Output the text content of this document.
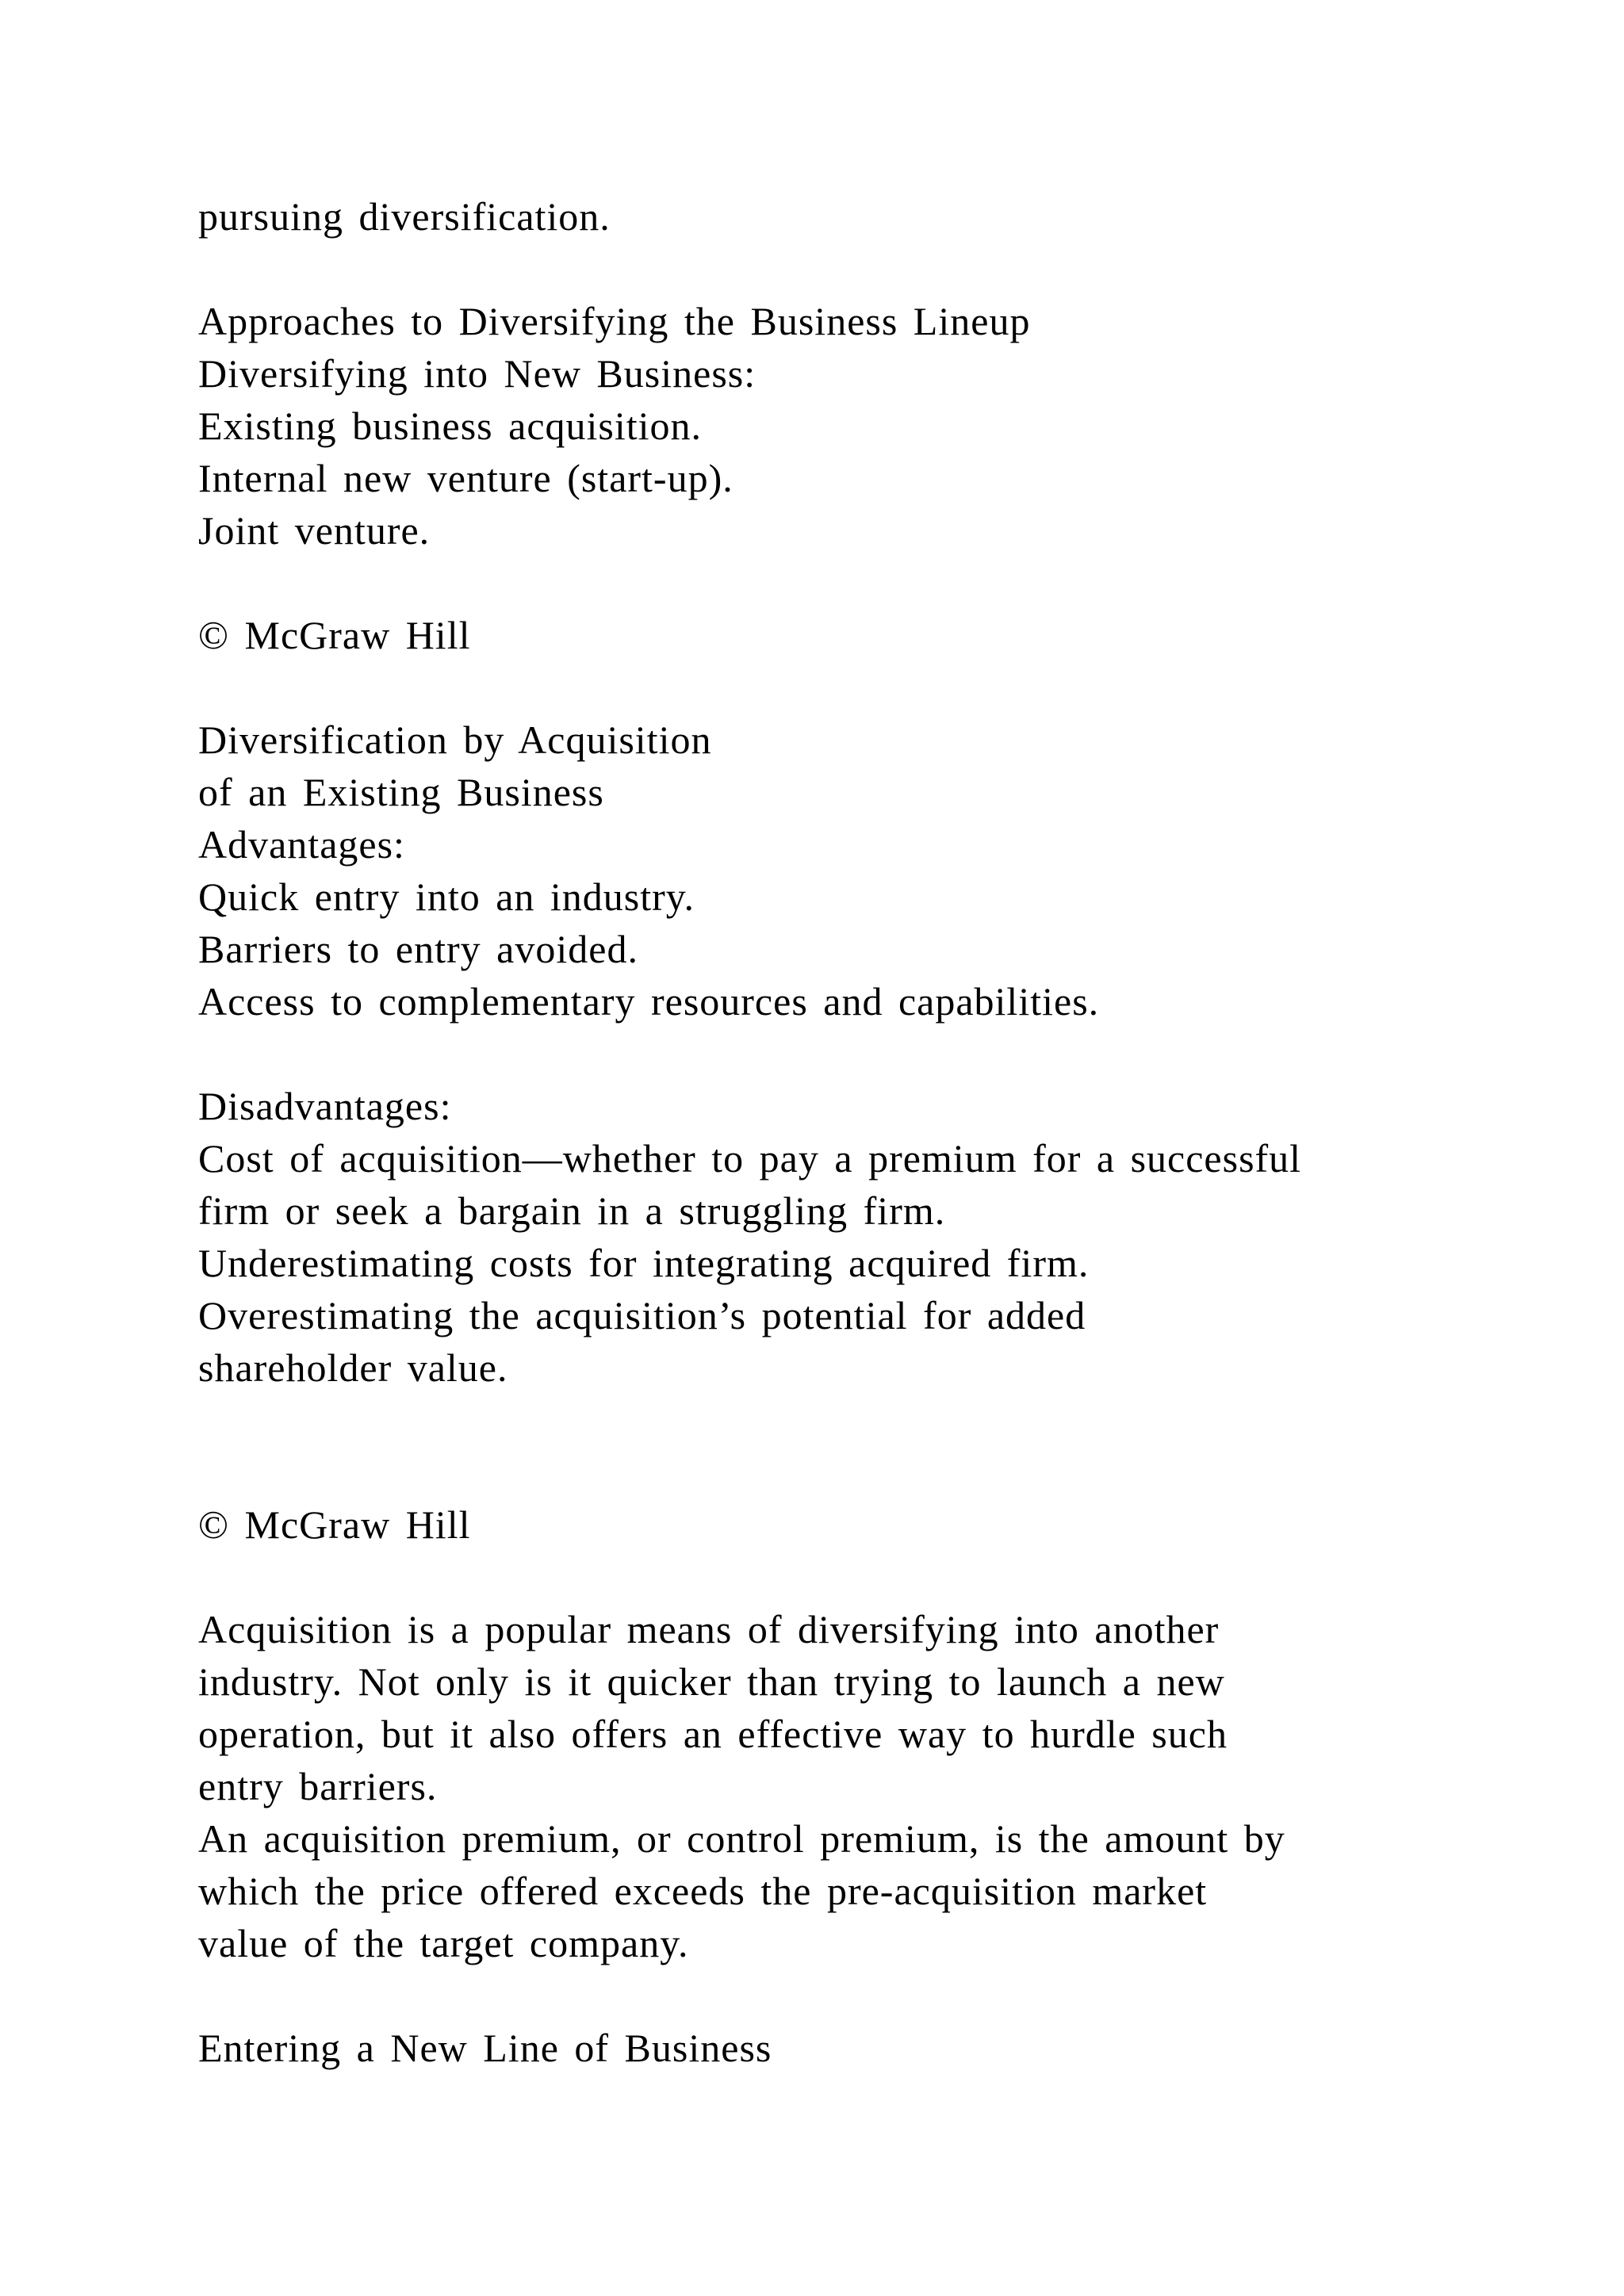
pursuing diversification.
Approaches to Diversifying the Business Lineup
Diversifying into New Business:
Existing business acquisition.
Internal new venture (start-up).
Joint venture.
© McGraw Hill
Diversification by Acquisition
of an Existing Business
Advantages:
Quick entry into an industry.
Barriers to entry avoided.
Access to complementary resources and capabilities.
Disadvantages:
Cost of acquisition—whether to pay a premium for a successful
firm or seek a bargain in a struggling firm.
Underestimating costs for integrating acquired firm.
Overestimating the acquisition’s potential for added
shareholder value.
© McGraw Hill
Acquisition is a popular means of diversifying into another
industry. Not only is it quicker than trying to launch a new
operation, but it also offers an effective way to hurdle such
entry barriers.
An acquisition premium, or control premium, is the amount by
which the price offered exceeds the pre-acquisition market
value of the target company.
Entering a New Line of Business
